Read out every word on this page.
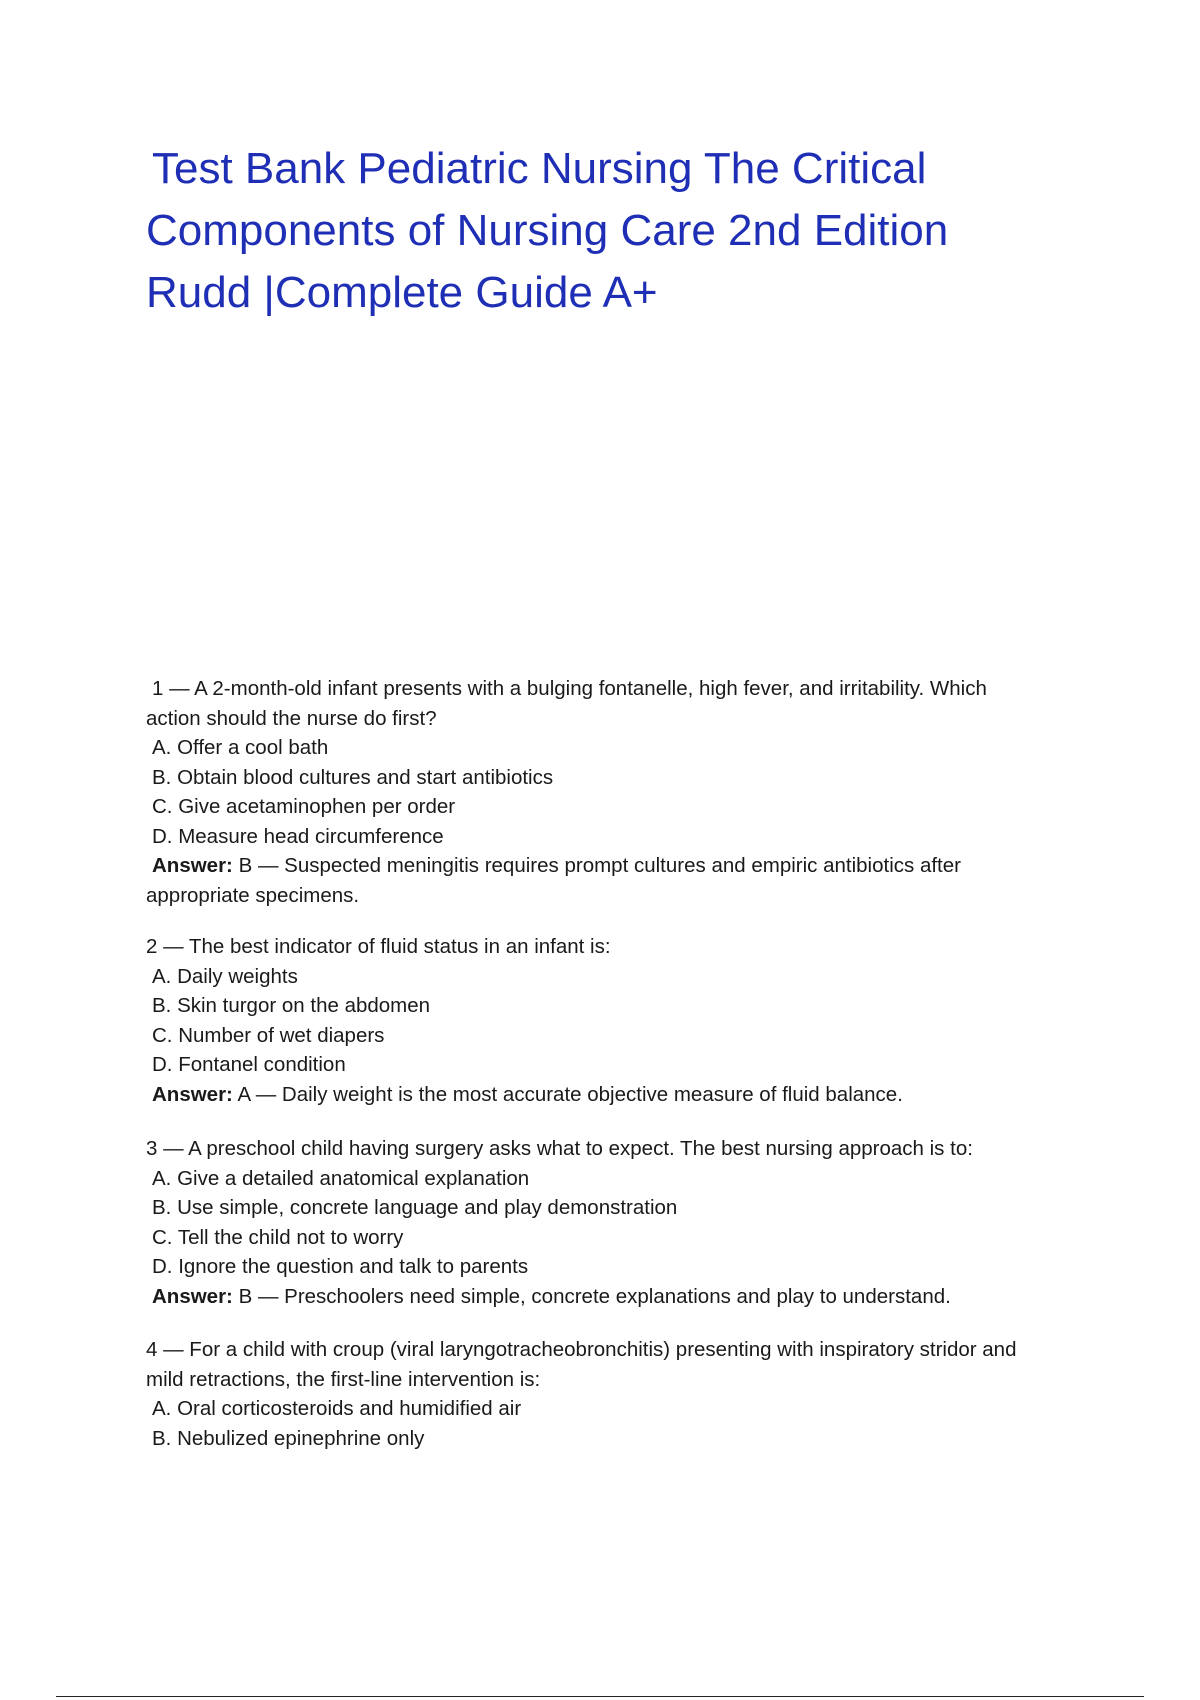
Test Bank Pediatric Nursing The Critical
Components of Nursing Care 2nd Edition
Rudd |Complete Guide A+
1 — A 2-month-old infant presents with a bulging fontanelle, high fever, and irritability. Which
action should the nurse do first?
A. Offer a cool bath
B. Obtain blood cultures and start antibiotics
C. Give acetaminophen per order
D. Measure head circumference
Answer: B — Suspected meningitis requires prompt cultures and empiric antibiotics after
appropriate specimens.
2 — The best indicator of fluid status in an infant is:
A. Daily weights
B. Skin turgor on the abdomen
C. Number of wet diapers
D. Fontanel condition
Answer: A — Daily weight is the most accurate objective measure of fluid balance.
3 — A preschool child having surgery asks what to expect. The best nursing approach is to:
A. Give a detailed anatomical explanation
B. Use simple, concrete language and play demonstration
C. Tell the child not to worry
D. Ignore the question and talk to parents
Answer: B — Preschoolers need simple, concrete explanations and play to understand.
4 — For a child with croup (viral laryngotracheobronchitis) presenting with inspiratory stridor and
mild retractions, the first-line intervention is:
A. Oral corticosteroids and humidified air
B. Nebulized epinephrine only
